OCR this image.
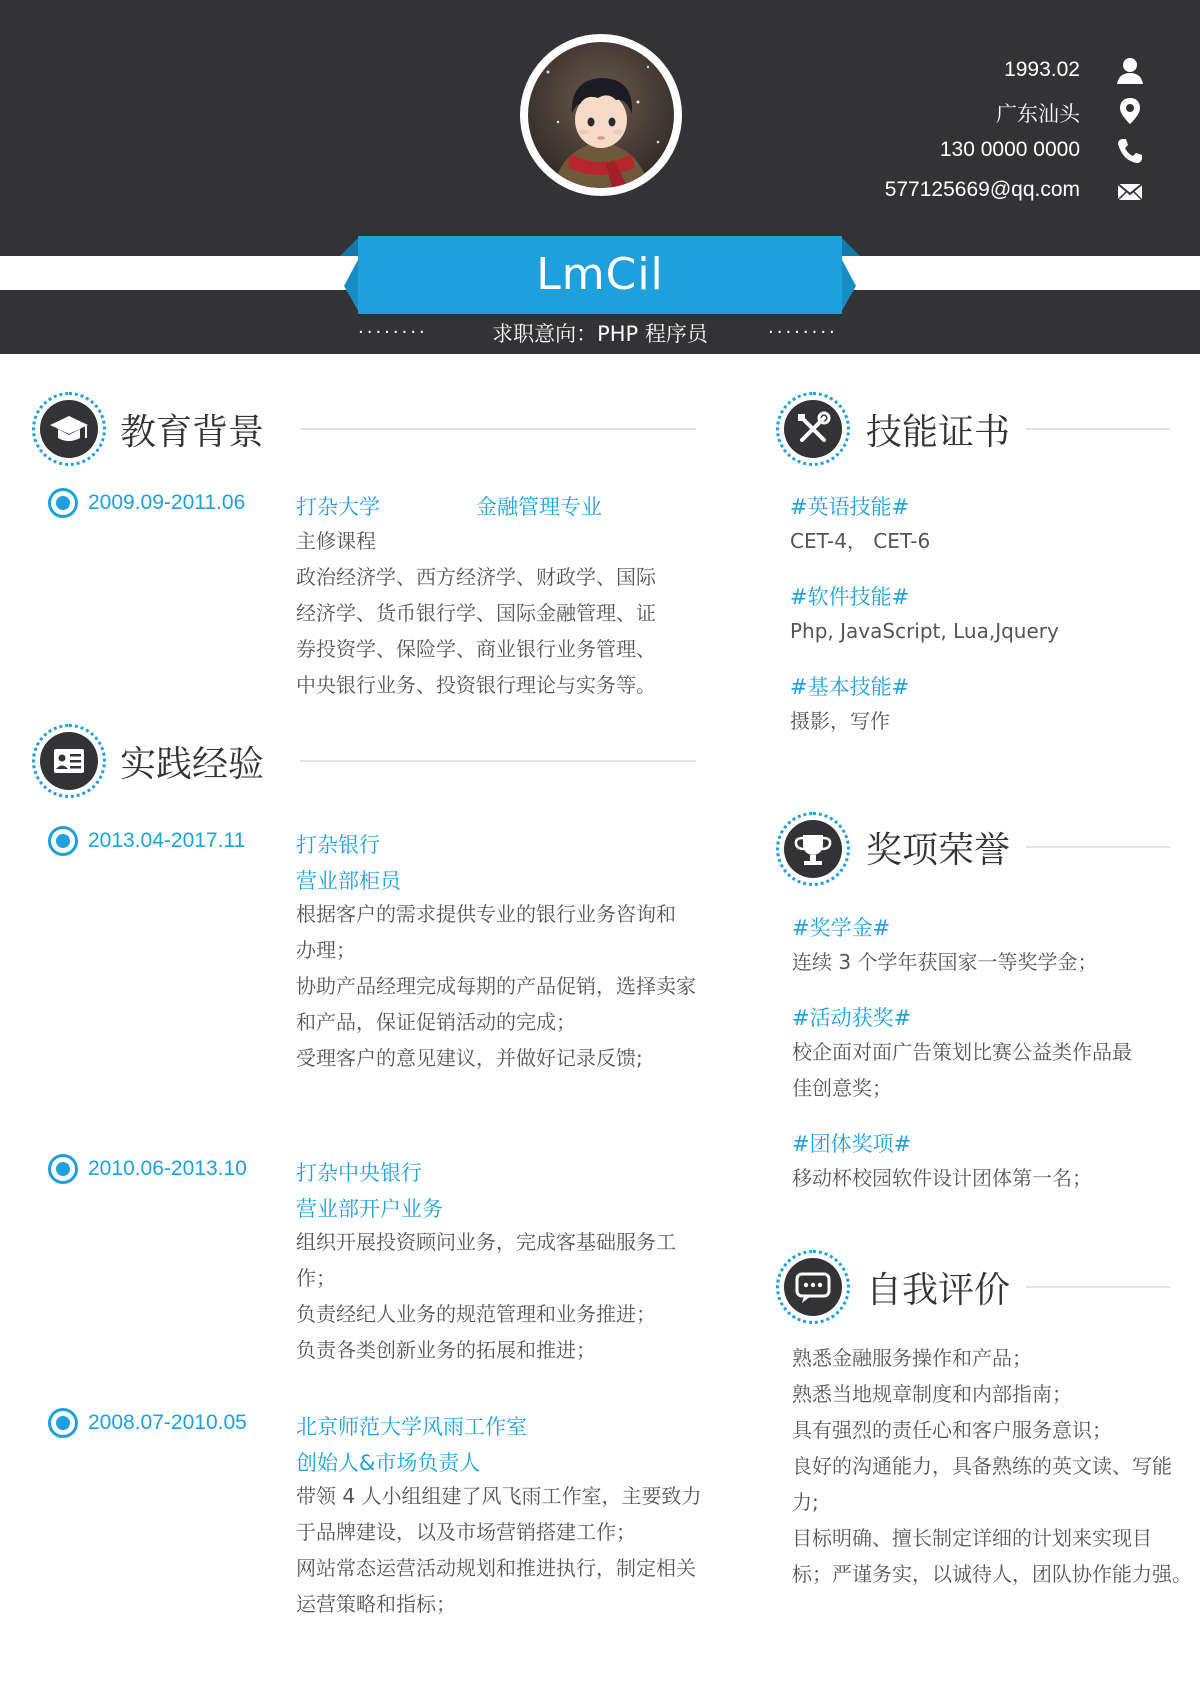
1993.02
广东汕头
130 0000 0000
577125669@qq.com
LmCil
········	求职意向：PHP 程序员	········
教育背景
2009.09-2011.06 打杂大学	金融管理专业
主修课程
政治经济学、西方经济学、财政学、国际
经济学、货币银行学、国际金融管理、证
券投资学、保险学、商业银行业务管理、
中央银行业务、投资银行理论与实务等。
实践经验
2013.04-2017.11 打杂银行
营业部柜员
根据客户的需求提供专业的银行业务咨询和
办理；
协助产品经理完成每期的产品促销，选择卖家
和产品，保证促销活动的完成；
受理客户的意见建议，并做好记录反馈;
2010.06-2013.10 打杂中央银行
营业部开户业务
组织开展投资顾问业务，完成客基础服务工
作；
负责经纪人业务的规范管理和业务推进；
负责各类创新业务的拓展和推进；
2008.07-2010.05 北京师范大学风雨工作室
创始人&市场负责人
带领 4 人小组组建了风飞雨工作室，主要致力
于品牌建设，以及市场营销搭建工作；
网站常态运营活动规划和推进执行，制定相关
运营策略和指标；
技能证书
#英语技能#
CET-4， CET-6
#软件技能#
Php, JavaScript, Lua,Jquery
#基本技能#
摄影，写作
奖项荣誉
#奖学金#
连续 3 个学年获国家一等奖学金；
#活动获奖#
校企面对面广告策划比赛公益类作品最
佳创意奖；
#团体奖项#
移动杯校园软件设计团体第一名；
自我评价
熟悉金融服务操作和产品；
熟悉当地规章制度和内部指南；
具有强烈的责任心和客户服务意识；
良好的沟通能力，具备熟练的英文读、写能
力;
目标明确、擅长制定详细的计划来实现目
标；严谨务实，以诚待人，团队协作能力强。
